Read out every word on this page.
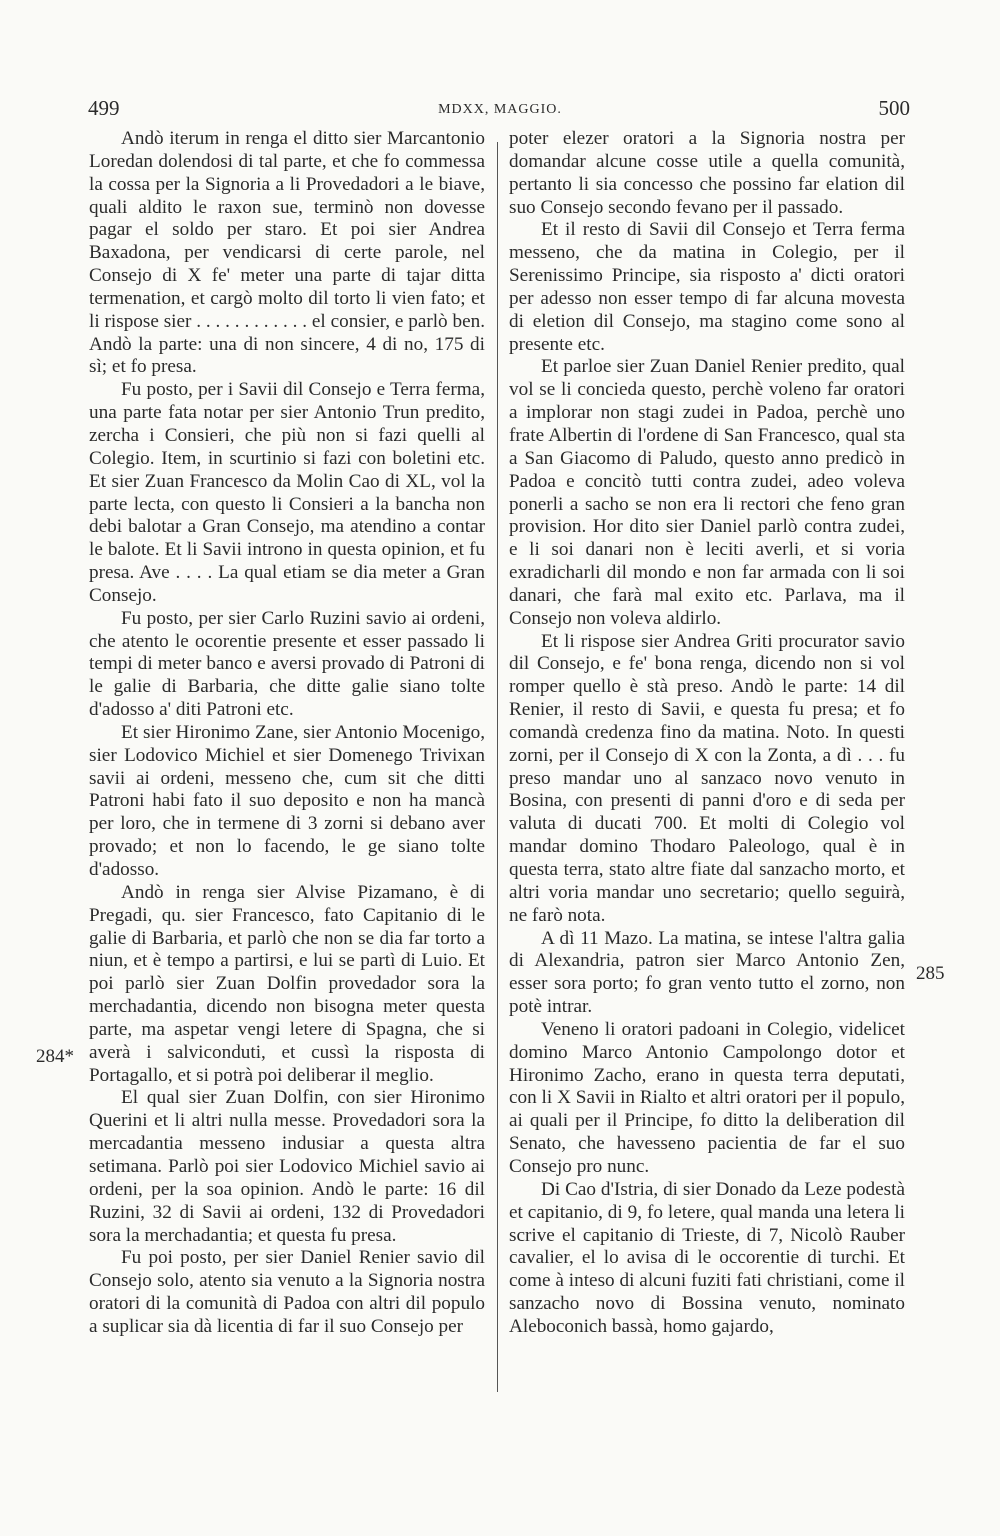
499	MDXX, MAGGIO.	500
284*
285

Andò iterum in renga el ditto sier Marcantonio Loredan dolendosi di tal parte, et che fo commessa la cossa per la Signoria a li Provedadori a le biave, quali aldito le raxon sue, terminò non dovesse pagar el soldo per staro. Et poi sier Andrea Baxadona, per vendicarsi di certe parole, nel Consejo di X fe' meter una parte di tajar ditta termenation, et cargò molto dil torto li vien fato; et li rispose sier . . . . . . . . . . . . el consier, e parlò ben. Andò la parte: una di non sincere, 4 di no, 175 di sì; et fo presa.

Fu posto, per i Savii dil Consejo e Terra ferma, una parte fata notar per sier Antonio Trun predito, zercha i Consieri, che più non si fazi quelli al Colegio. Item, in scurtinio si fazi con boletini etc. Et sier Zuan Francesco da Molin Cao di XL, vol la parte lecta, con questo li Consieri a la bancha non debi balotar a Gran Consejo, ma atendino a contar le balote. Et li Savii introno in questa opinion, et fu presa. Ave . . . . La qual etiam se dia meter a Gran Consejo.

Fu posto, per sier Carlo Ruzini savio ai ordeni, che atento le ocorentie presente et esser passado li tempi di meter banco e aversi provado di Patroni di le galie di Barbaria, che ditte galie siano tolte d'adosso a' diti Patroni etc.

Et sier Hironimo Zane, sier Antonio Mocenigo, sier Lodovico Michiel et sier Domenego Trivixan savii ai ordeni, messeno che, cum sit che ditti Patroni habi fato il suo deposito e non ha mancà per loro, che in termene di 3 zorni si debano aver provado; et non lo facendo, le ge siano tolte d'adosso.

Andò in renga sier Alvise Pizamano, è di Pregadi, qu. sier Francesco, fato Capitanio di le galie di Barbaria, et parlò che non se dia far torto a niun, et è tempo a partirsi, e lui se partì di Luio. Et poi parlò sier Zuan Dolfin provedador sora la merchadantia, dicendo non bisogna meter questa parte, ma aspetar vengi letere di Spagna, che si averà i salviconduti, et cussì la risposta di Portagallo, et si potrà poi deliberar il meglio.

El qual sier Zuan Dolfin, con sier Hironimo Querini et li altri nulla messe. Provedadori sora la mercadantia messeno indusiar a questa altra setimana. Parlò poi sier Lodovico Michiel savio ai ordeni, per la soa opinion. Andò le parte: 16 dil Ruzini, 32 di Savii ai ordeni, 132 di Provedadori sora la merchadantia; et questa fu presa.

Fu poi posto, per sier Daniel Renier savio dil Consejo solo, atento sia venuto a la Signoria nostra oratori di la comunità di Padoa con altri dil populo a suplicar sia dà licentia di far il suo Consejo per

poter elezer oratori a la Signoria nostra per domandar alcune cosse utile a quella comunità, pertanto li sia concesso che possino far elation dil suo Consejo secondo fevano per il passado.

Et il resto di Savii dil Consejo et Terra ferma messeno, che da matina in Colegio, per il Serenissimo Principe, sia risposto a' dicti oratori per adesso non esser tempo di far alcuna movesta di eletion dil Consejo, ma stagino come sono al presente etc.

Et parloe sier Zuan Daniel Renier predito, qual vol se li concieda questo, perchè voleno far oratori a implorar non stagi zudei in Padoa, perchè uno frate Albertin di l'ordene di San Francesco, qual sta a San Giacomo di Paludo, questo anno predicò in Padoa e concitò tutti contra zudei, adeo voleva ponerli a sacho se non era li rectori che feno gran provision. Hor dito sier Daniel parlò contra zudei, e li soi danari non è leciti averli, et si voria exradicharli dil mondo e non far armada con li soi danari, che farà mal exito etc. Parlava, ma il Consejo non voleva aldirlo.

Et li rispose sier Andrea Griti procurator savio dil Consejo, e fe' bona renga, dicendo non si vol romper quello è stà preso. Andò le parte: 14 dil Renier, il resto di Savii, e questa fu presa; et fo comandà credenza fino da matina. Noto. In questi zorni, per il Consejo di X con la Zonta, a dì . . . fu preso mandar uno al sanzaco novo venuto in Bosina, con presenti di panni d'oro e di seda per valuta di ducati 700. Et molti di Colegio vol mandar domino Thodaro Paleologo, qual è in questa terra, stato altre fiate dal sanzacho morto, et altri voria mandar uno secretario; quello seguirà, ne farò nota.

A dì 11 Mazo. La matina, se intese l'altra galia di Alexandria, patron sier Marco Antonio Zen, esser sora porto; fo gran vento tutto el zorno, non potè intrar.

Veneno li oratori padoani in Colegio, videlicet domino Marco Antonio Campolongo dotor et Hironimo Zacho, erano in questa terra deputati, con li X Savii in Rialto et altri oratori per il populo, ai quali per il Principe, fo ditto la deliberation dil Senato, che havesseno pacientia de far el suo Consejo pro nunc.

Di Cao d'Istria, di sier Donado da Leze podestà et capitanio, di 9, fo letere, qual manda una letera li scrive el capitanio di Trieste, di 7, Nicolò Rauber cavalier, el lo avisa di le occorentie di turchi. Et come à inteso di alcuni fuziti fati christiani, come il sanzacho novo di Bossina venuto, nominato Aleboconich bassà, homo gajardo,
